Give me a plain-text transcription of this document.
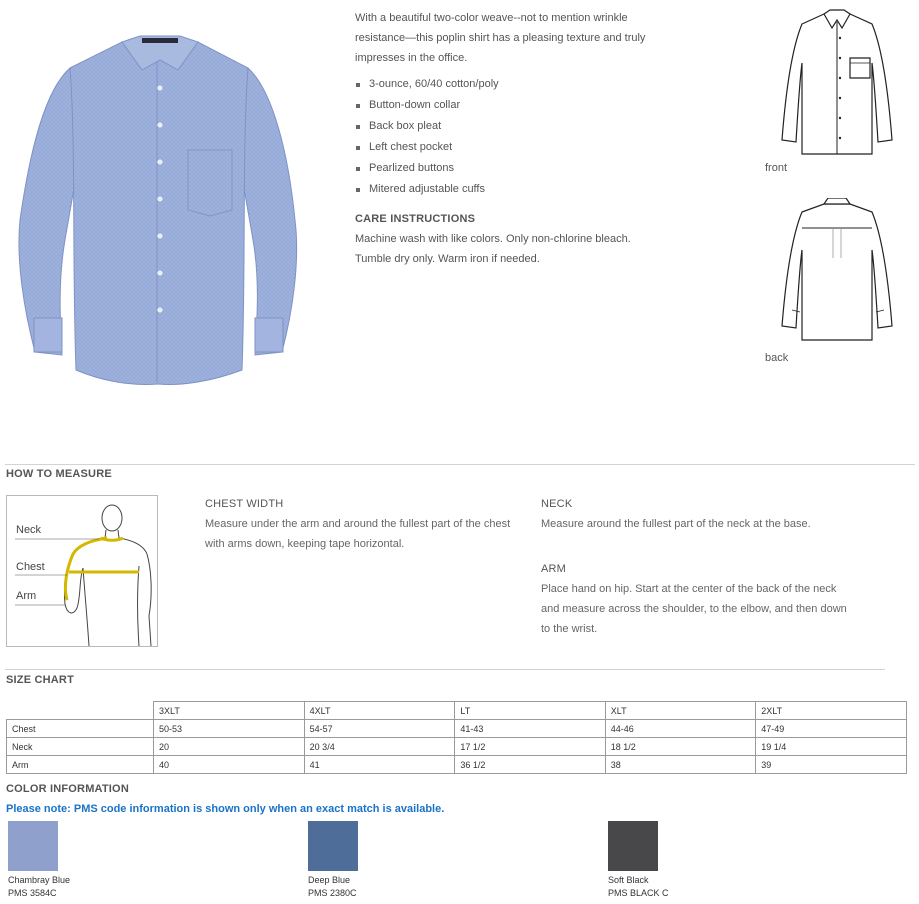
With a beautiful two-color weave--not to mention wrinkle resistance—this poplin shirt has a pleasing texture and truly impresses in the office.

3-ounce, 60/40 cotton/poly
Button-down collar
Back box pleat
Left chest pocket
Pearlized buttons
Mitered adjustable cuffs
CARE INSTRUCTIONS
Machine wash with like colors. Only non-chlorine bleach. Tumble dry only. Warm iron if needed.
front
back
HOW TO MEASURE
Neck
Chest
Arm
CHEST WIDTH
Measure under the arm and around the fullest part of the chest with arms down, keeping tape horizontal.
NECK
Measure around the fullest part of the neck at the base.
ARM
Place hand on hip. Start at the center of the back of the neck and measure across the shoulder, to the elbow, and then down to the wrist.
SIZE CHART
	3XLT	4XLT	LT	XLT	2XLT
Chest	50-53	54-57	41-43	44-46	47-49
Neck	20	20 3/4	17 1/2	18 1/2	19 1/4
Arm	40	41	36 1/2	38	39
COLOR INFORMATION
Please note: PMS code information is shown only when an exact match is available.
Chambray Blue
PMS 3584C
Deep Blue
PMS 2380C
Soft Black
PMS BLACK C
